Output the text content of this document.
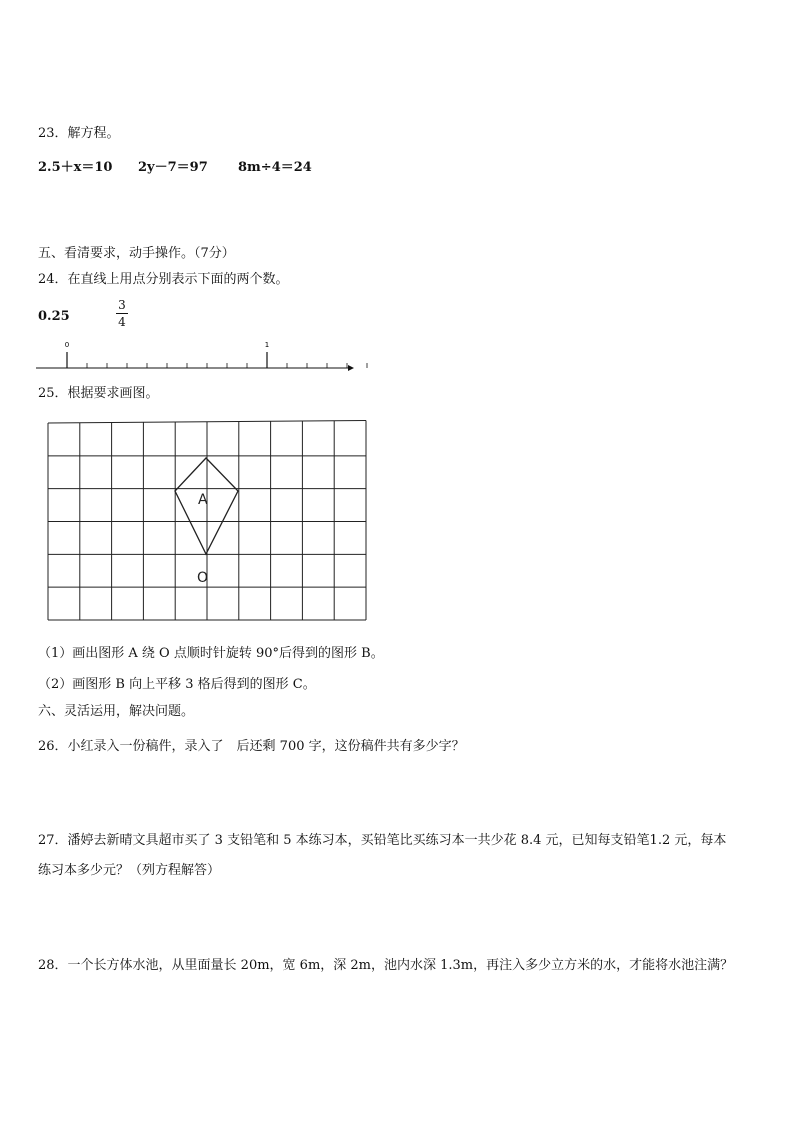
23．解方程。
2.5＋x＝10 2y－7＝97 8m÷4＝24
五、看清要求，动手操作。（7分）
24．在直线上用点分别表示下面的两个数。
0.25
3
4
0	1
25．根据要求画图。
A
O
（1）画出图形 A 绕 O 点顺时针旋转 90°后得到的图形 B。
（2）画图形 B 向上平移 3 格后得到的图形 C。
六、灵活运用，解决问题。
26．小红录入一份稿件，录入了　后还剩 700 字，这份稿件共有多少字？
27．潘婷去新晴文具超市买了 3 支铅笔和 5 本练习本，买铅笔比买练习本一共少花 8.4 元，已知每支铅笔1.2 元，每本
练习本多少元？（列方程解答）
28．一个长方体水池，从里面量长 20m，宽 6m，深 2m，池内水深 1.3m，再注入多少立方米的水，才能将水池注满？
